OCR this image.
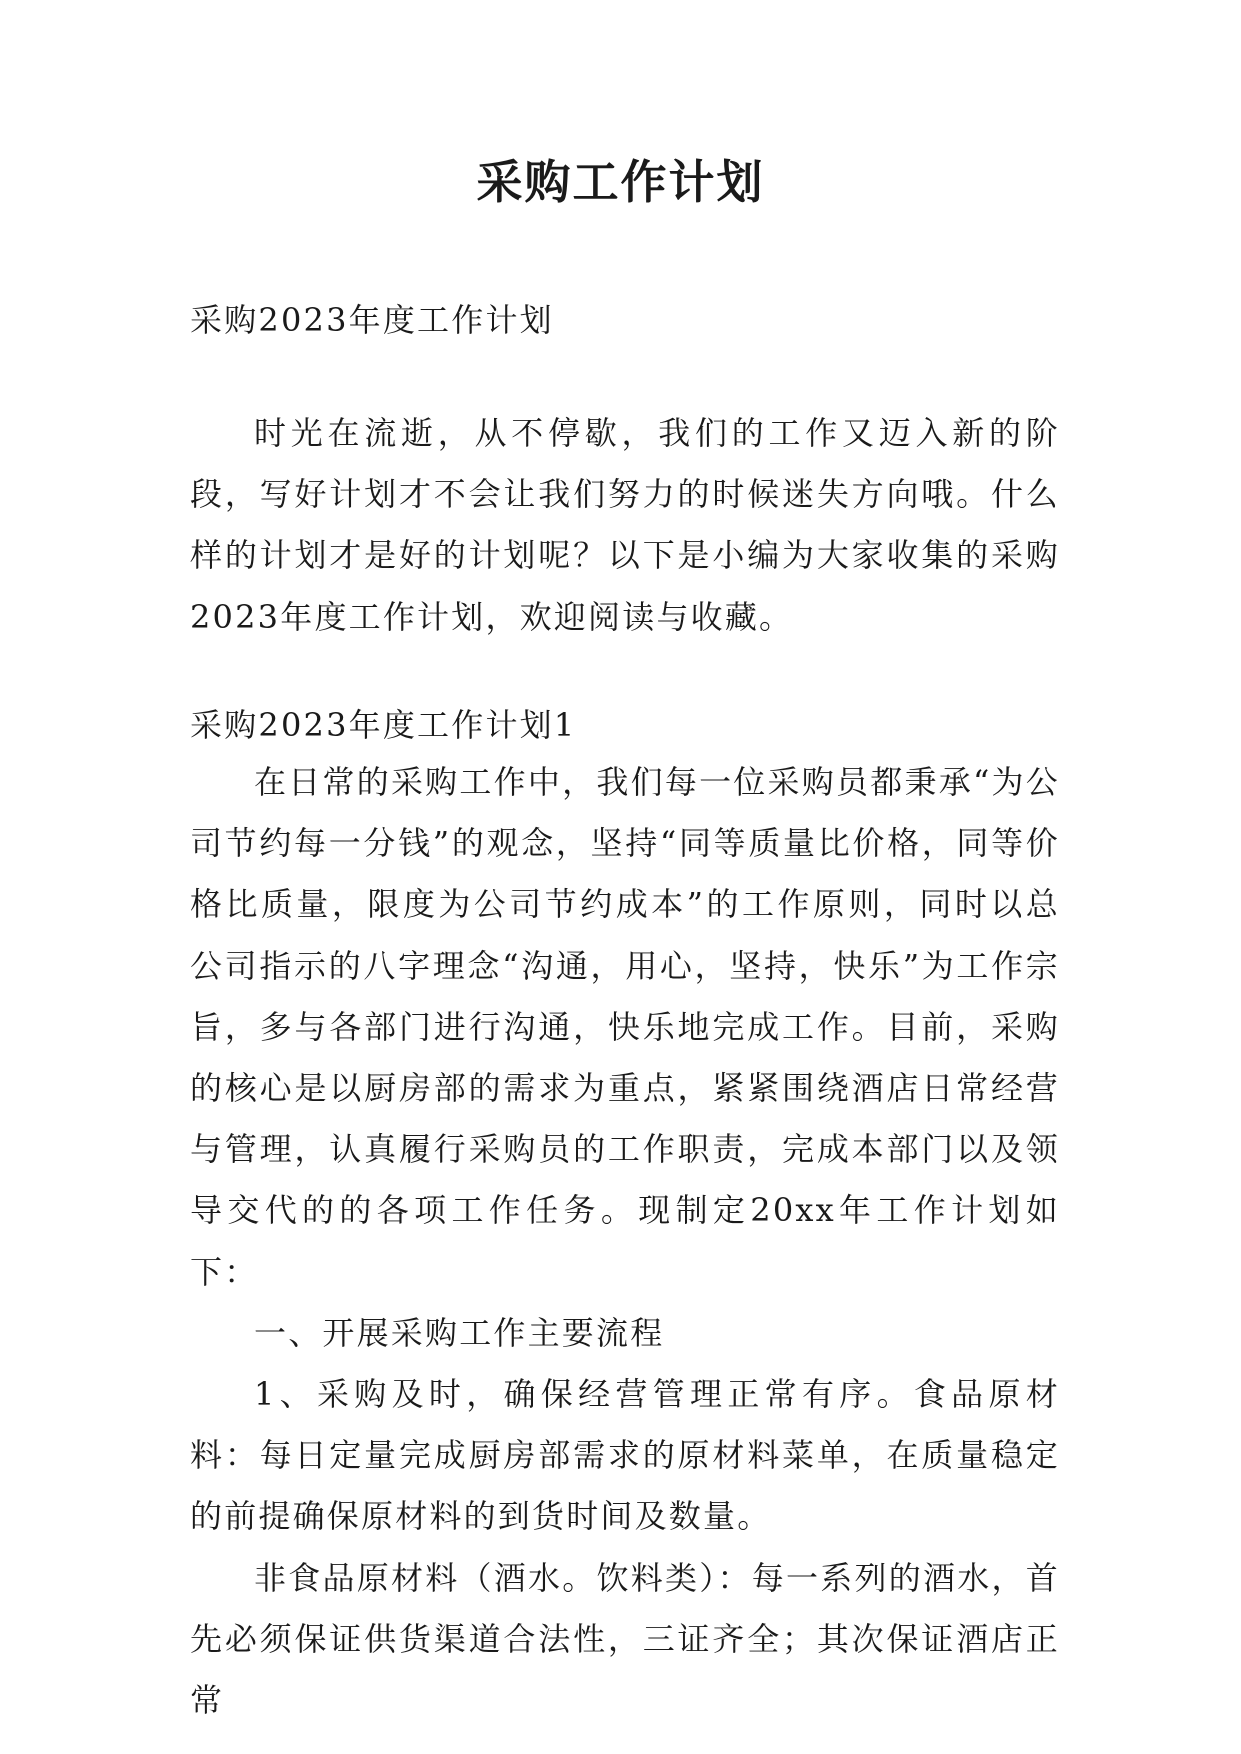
采购工作计划
采购2023年度工作计划

时光在流逝，从不停歇，我们的工作又迈入新的阶段，写好计划才不会让我们努力的时候迷失方向哦。什么样的计划才是好的计划呢？以下是小编为大家收集的采购2023年度工作计划，欢迎阅读与收藏。

采购2023年度工作计划1

在日常的采购工作中，我们每一位采购员都秉承“为公司节约每一分钱”的观念，坚持“同等质量比价格，同等价格比质量，限度为公司节约成本”的工作原则，同时以总公司指示的八字理念“沟通，用心，坚持，快乐”为工作宗旨，多与各部门进行沟通，快乐地完成工作。目前，采购的核心是以厨房部的需求为重点，紧紧围绕酒店日常经营与管理，认真履行采购员的工作职责，完成本部门以及领导交代的的各项工作任务。现制定20xx年工作计划如下：

一、开展采购工作主要流程

1、采购及时，确保经营管理正常有序。食品原材料：每日定量完成厨房部需求的原材料菜单，在质量稳定的前提确保原材料的到货时间及数量。

非食品原材料（酒水。饮料类）：每一系列的酒水，首先必须保证供货渠道合法性，三证齐全；其次保证酒店正常
